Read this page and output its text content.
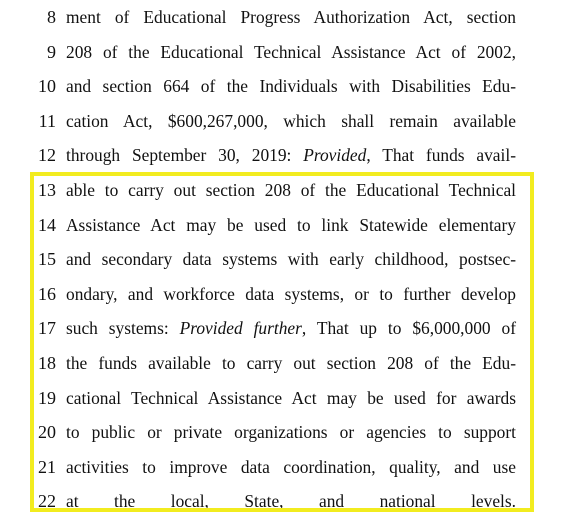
8 ment of Educational Progress Authorization Act, section
9 208 of the Educational Technical Assistance Act of 2002,
10 and section 664 of the Individuals with Disabilities Edu-
11 cation Act, $600,267,000, which shall remain available
12 through September 30, 2019: Provided, That funds avail-
13 able to carry out section 208 of the Educational Technical
14 Assistance Act may be used to link Statewide elementary
15 and secondary data systems with early childhood, postsec-
16 ondary, and workforce data systems, or to further develop
17 such systems: Provided further, That up to $6,000,000 of
18 the funds available to carry out section 208 of the Edu-
19 cational Technical Assistance Act may be used for awards
20 to public or private organizations or agencies to support
21 activities to improve data coordination, quality, and use
22 at the local, State, and national levels.
